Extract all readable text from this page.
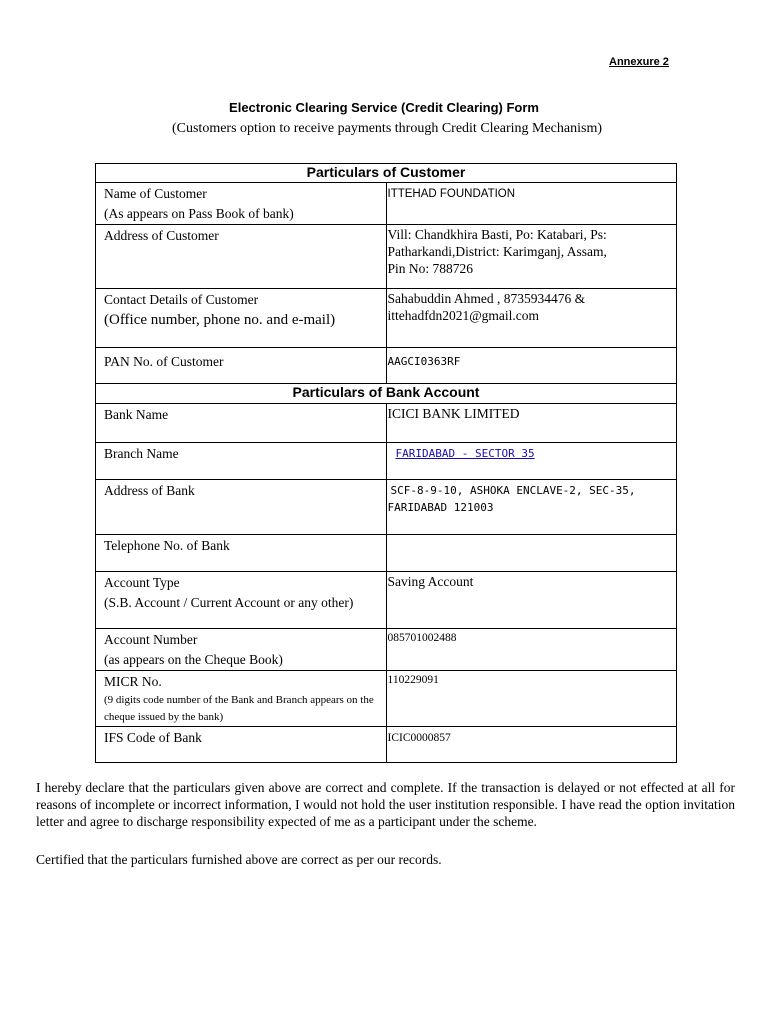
Annexure 2
Electronic Clearing Service (Credit Clearing) Form
(Customers option to receive payments through Credit Clearing Mechanism)
Particulars of Customer	
Name of Customer
(As appears on Pass Book of bank)	ITTEHAD FOUNDATION
Address of Customer	Vill: Chandkhira Basti, Po: Katabari, Ps:
Patharkandi,District: Karimganj, Assam,
Pin No: 788726
Contact Details of Customer
(Office number, phone no. and e-mail)	Sahabuddin Ahmed , 8735934476 &
ittehadfdn2021@gmail.com
PAN No. of Customer	AAGCI0363RF
Particulars of Bank Account	
Bank Name	ICICI BANK LIMITED
Branch Name	FARIDABAD - SECTOR 35
Address of Bank	SCF-8-9-10, ASHOKA ENCLAVE-2, SEC-35,
FARIDABAD 121003
Telephone No. of Bank	
Account Type
(S.B. Account / Current Account or any other)	Saving Account
Account Number
(as appears on the Cheque Book)	085701002488
MICR No.
(9 digits code number of the Bank and Branch appears on the cheque issued by the bank)	110229091
IFS Code of Bank	ICIC0000857
I hereby declare that the particulars given above are correct and complete. If the transaction is delayed or not effected at all for reasons of incomplete or incorrect information, I would not hold the user institution responsible. I have read the option invitation letter and agree to discharge responsibility expected of me as a participant under the scheme.
Certified that the particulars furnished above are correct as per our records.
